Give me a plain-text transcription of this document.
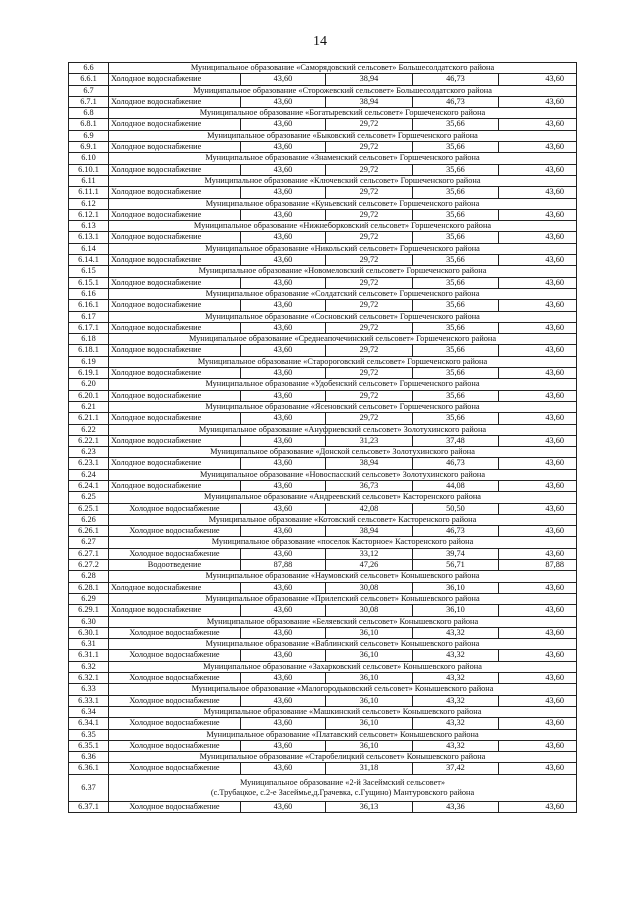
14
6.6	Муниципальное образование «Саморядовский сельсовет» Большесолдатского района				
6.6.1	Холодное водоснабжение	43,60	38,94	46,73	43,60
6.7	Муниципальное образование «Сторожевский сельсовет» Большесолдатского района				
6.7.1	Холодное водоснабжение	43,60	38,94	46,73	43,60
6.8	Муниципальное образование «Богатыревский сельсовет» Горшеченского района				
6.8.1	Холодное водоснабжение	43,60	29,72	35,66	43,60
6.9	Муниципальное образование «Быковский сельсовет» Горшеченского района				
6.9.1	Холодное водоснабжение	43,60	29,72	35,66	43,60
6.10	Муниципальное образование «Знаменский сельсовет» Горшеченского района				
6.10.1	Холодное водоснабжение	43,60	29,72	35,66	43,60
6.11	Муниципальное образование «Ключевский сельсовет» Горшеченского района				
6.11.1	Холодное водоснабжение	43,60	29,72	35,66	43,60
6.12	Муниципальное образование «Куньевский сельсовет» Горшеченского района				
6.12.1	Холодное водоснабжение	43,60	29,72	35,66	43,60
6.13	Муниципальное образование «Нижнеборковский сельсовет» Горшеченского района				
6.13.1	Холодное водоснабжение	43,60	29,72	35,66	43,60
6.14	Муниципальное образование «Никольский сельсовет» Горшеченского района				
6.14.1	Холодное водоснабжение	43,60	29,72	35,66	43,60
6.15	Муниципальное образование «Новомеловский сельсовет» Горшеченского района				
6.15.1	Холодное водоснабжение	43,60	29,72	35,66	43,60
6.16	Муниципальное образование «Солдатский сельсовет» Горшеченского района				
6.16.1	Холодное водоснабжение	43,60	29,72	35,66	43,60
6.17	Муниципальное образование «Сосновский сельсовет» Горшеченского района				
6.17.1	Холодное водоснабжение	43,60	29,72	35,66	43,60
6.18	Муниципальное образование «Среднеапочечинский сельсовет» Горшеченского района				
6.18.1	Холодное водоснабжение	43,60	29,72	35,66	43,60
6.19	Муниципальное образование «Старороговский сельсовет» Горшеченского района				
6.19.1	Холодное водоснабжение	43,60	29,72	35,66	43,60
6.20	Муниципальное образование «Удобенский сельсовет» Горшеченского района				
6.20.1	Холодное водоснабжение	43,60	29,72	35,66	43,60
6.21	Муниципальное образование «Ясеновский сельсовет» Горшеченского района				
6.21.1	Холодное водоснабжение	43,60	29,72	35,66	43,60
6.22	Муниципальное образование «Ануфриевский сельсовет» Золотухинского района				
6.22.1	Холодное водоснабжение	43,60	31,23	37,48	43,60
6.23	Муниципальное образование «Донской сельсовет» Золотухинского района				
6.23.1	Холодное водоснабжение	43,60	38,94	46,73	43,60
6.24	Муниципальное образование «Новоспасский сельсовет» Золотухинского района				
6.24.1	Холодное водоснабжение	43,60	36,73	44,08	43,60
6.25	Муниципальное образование «Андреевский сельсовет» Касторенского района				
6.25.1	Холодное водоснабжение	43,60	42,08	50,50	43,60
6.26	Муниципальное образование «Котовский сельсовет» Касторенского района				
6.26.1	Холодное водоснабжение	43,60	38,94	46,73	43,60
6.27	Муниципальное образование «поселок Касторное» Касторенского района				
6.27.1	Холодное водоснабжение	43,60	33,12	39,74	43,60
6.27.2	Водоотведение	87,88	47,26	56,71	87,88
6.28	Муниципальное образование «Наумовский сельсовет» Конышевского района				
6.28.1	Холодное водоснабжение	43,60	30,08	36,10	43,60
6.29	Муниципальное образование «Прилепский сельсовет» Конышевского района				
6.29.1	Холодное водоснабжение	43,60	30,08	36,10	43,60
6.30	Муниципальное образование «Беляевский сельсовет» Конышевского района				
6.30.1	Холодное водоснабжение	43,60	36,10	43,32	43,60
6.31	Муниципальное образование «Ваблинский сельсовет» Конышевского района				
6.31.1	Холодное водоснабжение	43,60	36,10	43,32	43,60
6.32	Муниципальное образование «Захарковский сельсовет» Конышевского района				
6.32.1	Холодное водоснабжение	43,60	36,10	43,32	43,60
6.33	Муниципальное образование «Малогородьковский сельсовет» Конышевского района				
6.33.1	Холодное водоснабжение	43,60	36,10	43,32	43,60
6.34	Муниципальное образование «Машкинский сельсовет» Конышевского района				
6.34.1	Холодное водоснабжение	43,60	36,10	43,32	43,60
6.35	Муниципальное образование «Платавский сельсовет» Конышевского района				
6.35.1	Холодное водоснабжение	43,60	36,10	43,32	43,60
6.36	Муниципальное образование «Старобелицкий сельсовет» Конышевского района				
6.36.1	Холодное водоснабжение	43,60	31,18	37,42	43,60
6.37	Муниципальное образование «2-й Засеймский сельсовет»
(с.Трубацкое, с.2-е Засеймье,д.Грачевка, с.Гущино) Мантуровского района				

6.37.1	Холодное водоснабжение	43,60	36,13	43,36	43,60
